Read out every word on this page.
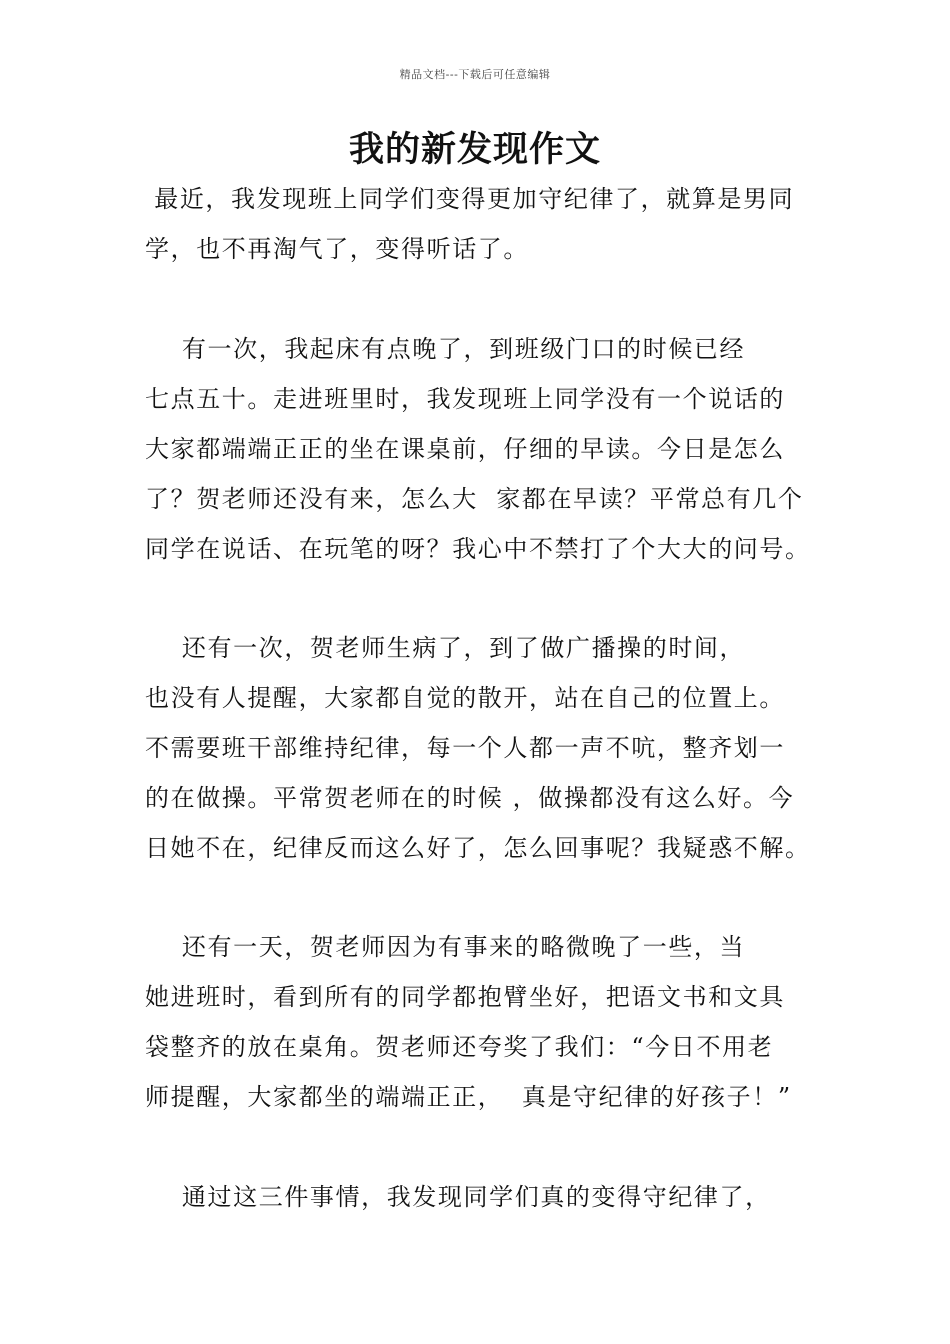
精品文档---下载后可任意编辑
我的新发现作文
最近，我发现班上同学们变得更加守纪律了，就算是男同
学，也不再淘气了，变得听话了。
有一次，我起床有点晚了，到班级门口的时候已经
七点五十。走进班里时，我发现班上同学没有一个说话的
大家都端端正正的坐在课桌前，仔细的早读。今日是怎么
了？贺老师还没有来，怎么大  家都在早读？平常总有几个
同学在说话、在玩笔的呀？我心中不禁打了个大大的问号。
还有一次，贺老师生病了，到了做广播操的时间，
也没有人提醒，大家都自觉的散开，站在自己的位置上。
不需要班干部维持纪律，每一个人都一声不吭，整齐划一
的在做操。平常贺老师在的时候 ，做操都没有这么好。今
日她不在，纪律反而这么好了，怎么回事呢？我疑惑不解。
还有一天，贺老师因为有事来的略微晚了一些，当
她进班时，看到所有的同学都抱臂坐好，把语文书和文具
袋整齐的放在桌角。贺老师还夸奖了我们：“今日不用老
师提醒，大家都坐的端端正正，  真是守纪律的好孩子！”
通过这三件事情，我发现同学们真的变得守纪律了，
